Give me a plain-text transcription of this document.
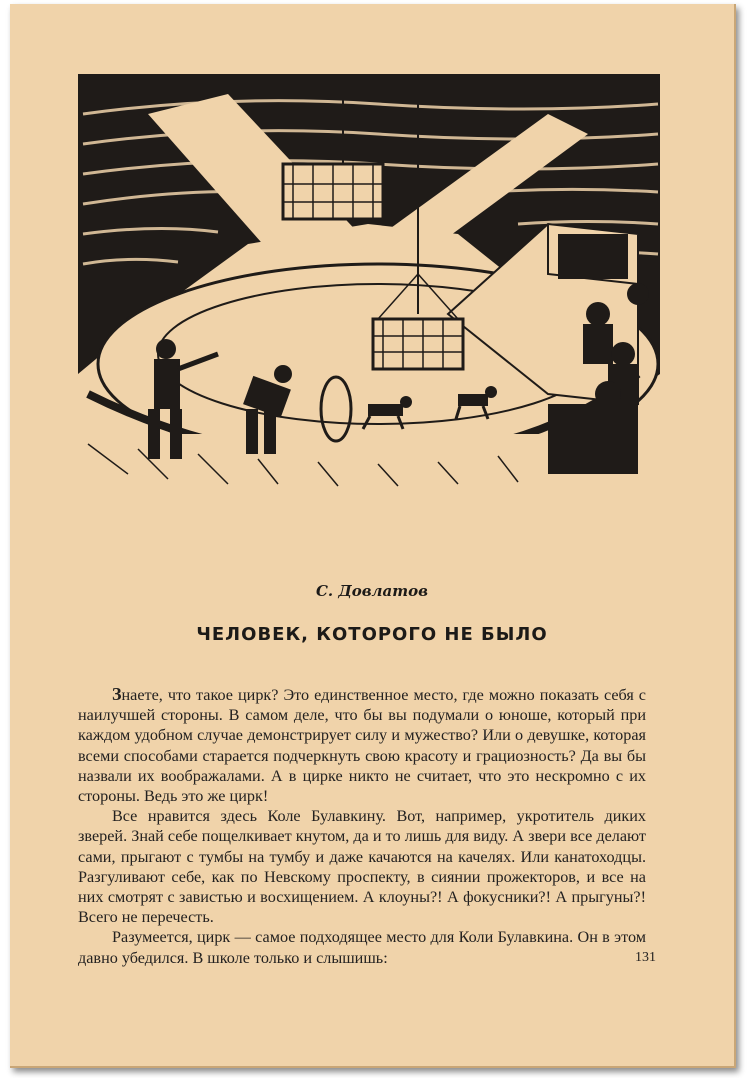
С. Довлатов
ЧЕЛОВЕК, КОТОРОГО НЕ БЫЛО

Знаете, что такое цирк? Это единственное место, где можно показать себя с наилучшей стороны. В самом деле, что бы вы подумали о юноше, который при каждом удобном случае демонстрирует силу и мужество? Или о девушке, которая всеми способами старается подчеркнуть свою красоту и грациозность? Да вы бы назвали их воображалами. А в цирке никто не считает, что это нескромно с их стороны. Ведь это же цирк!

Все нравится здесь Коле Булавкину. Вот, например, укротитель диких зверей. Знай себе пощелкивает кнутом, да и то лишь для виду. А звери все делают сами, прыгают с тумбы на тумбу и даже качаются на качелях. Или канатоходцы. Разгуливают себе, как по Невскому проспекту, в сиянии прожекторов, и все на них смотрят с завистью и восхищением. А клоуны?! А фокусники?! А прыгуны?! Всего не перечесть.

Разумеется, цирк — самое подходящее место для Коли Булавкина. Он в этом давно убедился. В школе только и слышишь:	131
